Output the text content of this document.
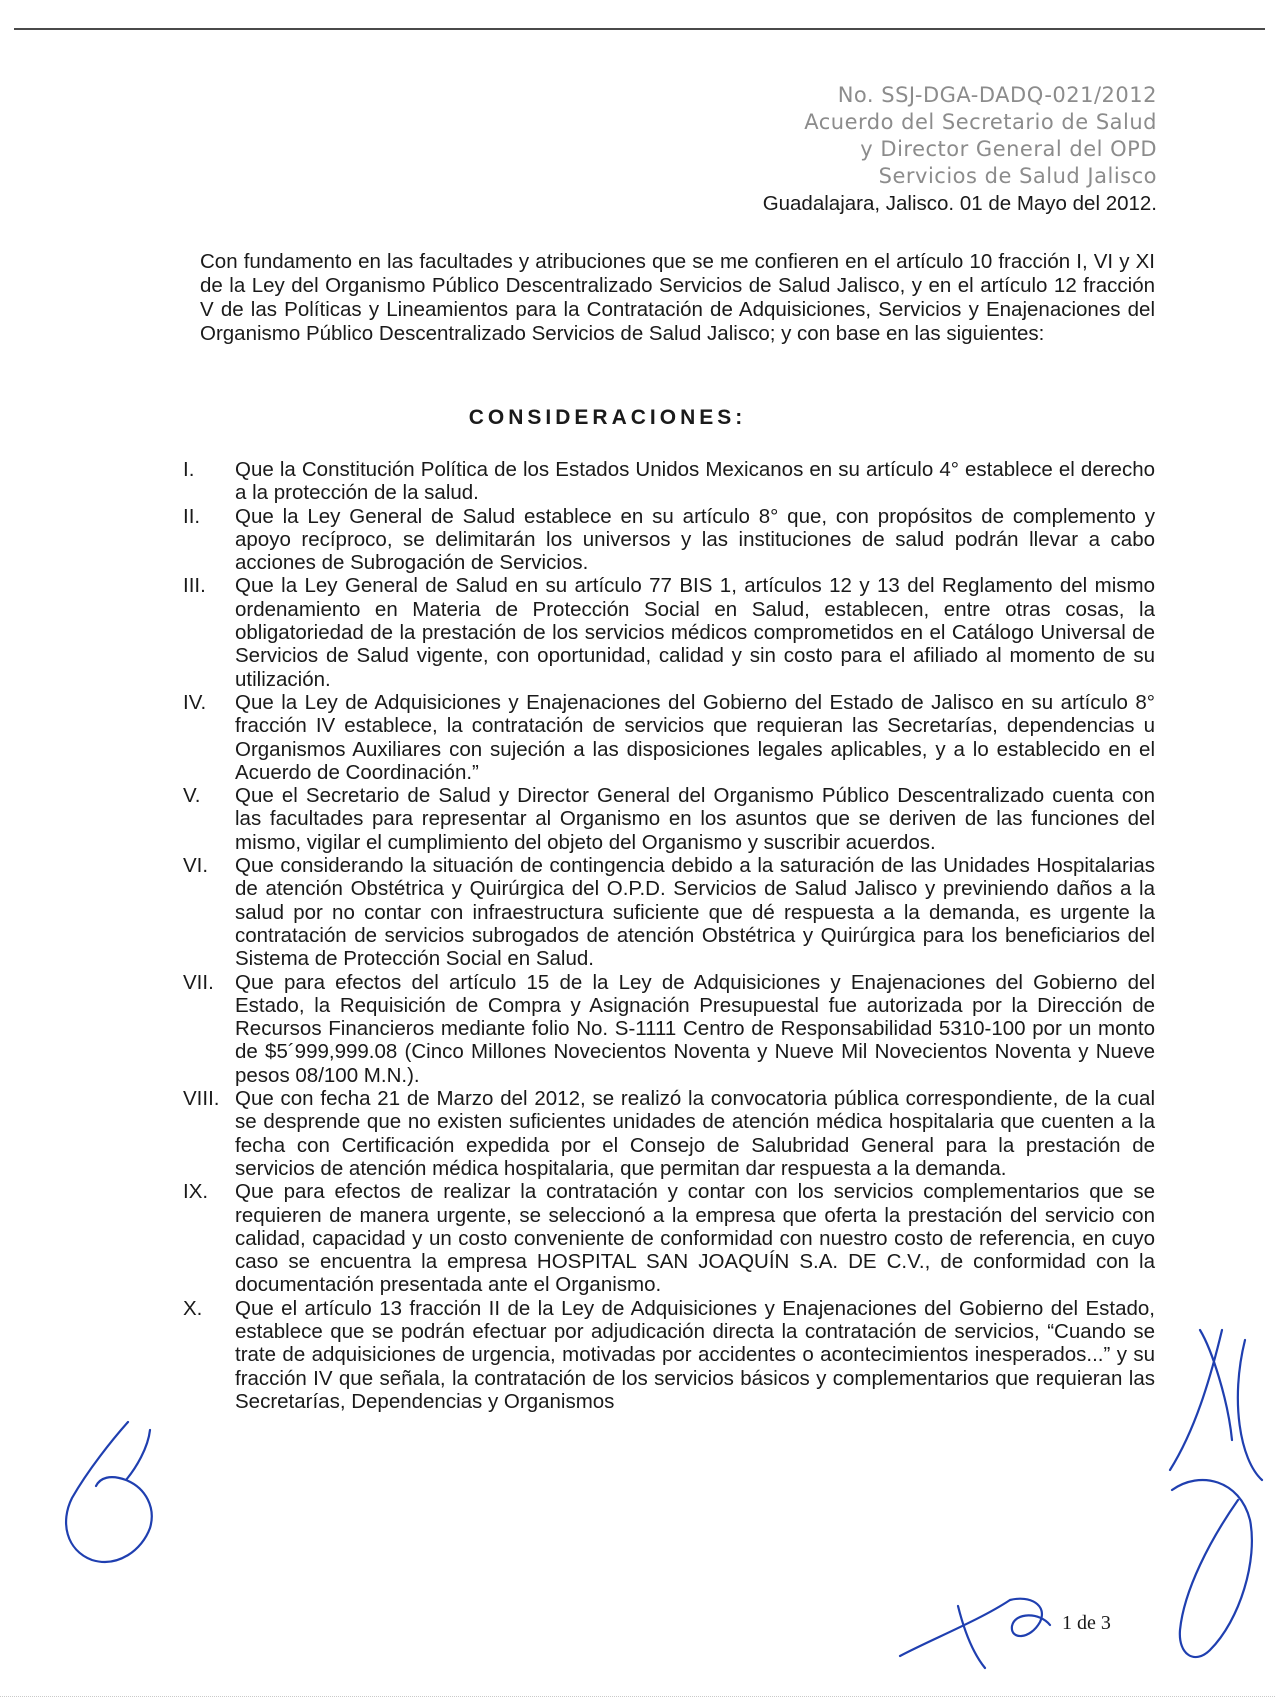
No. SSJ-DGA-DADQ-021/2012
Acuerdo del Secretario de Salud
y Director General del OPD
Servicios de Salud Jalisco
Guadalajara, Jalisco. 01 de Mayo del 2012.
Con fundamento en las facultades y atribuciones que se me confieren en el artículo 10 fracción I, VI y XI de la Ley del Organismo Público Descentralizado Servicios de Salud Jalisco, y en el artículo 12 fracción V de las Políticas y Lineamientos para la Contratación de Adquisiciones, Servicios y Enajenaciones del Organismo Público Descentralizado Servicios de Salud Jalisco; y con base en las siguientes:
CONSIDERACIONES:
I.	Que la Constitución Política de los Estados Unidos Mexicanos en su artículo 4° establece el derecho a la protección de la salud.
II.	Que la Ley General de Salud establece en su artículo 8° que, con propósitos de complemento y apoyo recíproco, se delimitarán los universos y las instituciones de salud podrán llevar a cabo acciones de Subrogación de Servicios.
III.	Que la Ley General de Salud en su artículo 77 BIS 1, artículos 12 y 13 del Reglamento del mismo ordenamiento en Materia de Protección Social en Salud, establecen, entre otras cosas, la obligatoriedad de la prestación de los servicios médicos comprometidos en el Catálogo Universal de Servicios de Salud vigente, con oportunidad, calidad y sin costo para el afiliado al momento de su utilización.
IV.	Que la Ley de Adquisiciones y Enajenaciones del Gobierno del Estado de Jalisco en su artículo 8° fracción IV establece, la contratación de servicios que requieran las Secretarías, dependencias u Organismos Auxiliares con sujeción a las disposiciones legales aplicables, y a lo establecido en el Acuerdo de Coordinación.”
V.	Que el Secretario de Salud y Director General del Organismo Público Descentralizado cuenta con las facultades para representar al Organismo en los asuntos que se deriven de las funciones del mismo, vigilar el cumplimiento del objeto del Organismo y suscribir acuerdos.
VI.	Que considerando la situación de contingencia debido a la saturación de las Unidades Hospitalarias de atención Obstétrica y Quirúrgica del O.P.D. Servicios de Salud Jalisco y previniendo daños a la salud por no contar con infraestructura suficiente que dé respuesta a la demanda, es urgente la contratación de servicios subrogados de atención Obstétrica y Quirúrgica para los beneficiarios del Sistema de Protección Social en Salud.
VII.	Que para efectos del artículo 15 de la Ley de Adquisiciones y Enajenaciones del Gobierno del Estado, la Requisición de Compra y Asignación Presupuestal fue autorizada por la Dirección de Recursos Financieros mediante folio No. S-1111 Centro de Responsabilidad 5310-100 por un monto de $5´999,999.08 (Cinco Millones Novecientos Noventa y Nueve Mil Novecientos Noventa y Nueve pesos 08/100 M.N.).
VIII. Que con fecha 21 de Marzo del 2012, se realizó la convocatoria pública correspondiente, de la cual se desprende que no existen suficientes unidades de atención médica hospitalaria que cuenten a la fecha con Certificación expedida por el Consejo de Salubridad General para la prestación de servicios de atención médica hospitalaria, que permitan dar respuesta a la demanda.
IX.	Que para efectos de realizar la contratación y contar con los servicios complementarios que se requieren de manera urgente, se seleccionó a la empresa que oferta la prestación del servicio con calidad, capacidad y un costo conveniente de conformidad con nuestro costo de referencia, en cuyo caso se encuentra la empresa HOSPITAL SAN JOAQUÍN S.A. DE C.V., de conformidad con la documentación presentada ante el Organismo.
X.	Que el artículo 13 fracción II de la Ley de Adquisiciones y Enajenaciones del Gobierno del Estado, establece que se podrán efectuar por adjudicación directa la contratación de servicios, “Cuando se trate de adquisiciones de urgencia, motivadas por accidentes o acontecimientos inesperados...” y su fracción IV que señala, la contratación de los servicios básicos y complementarios que requieran las Secretarías, Dependencias y Organismos
1 de 3
